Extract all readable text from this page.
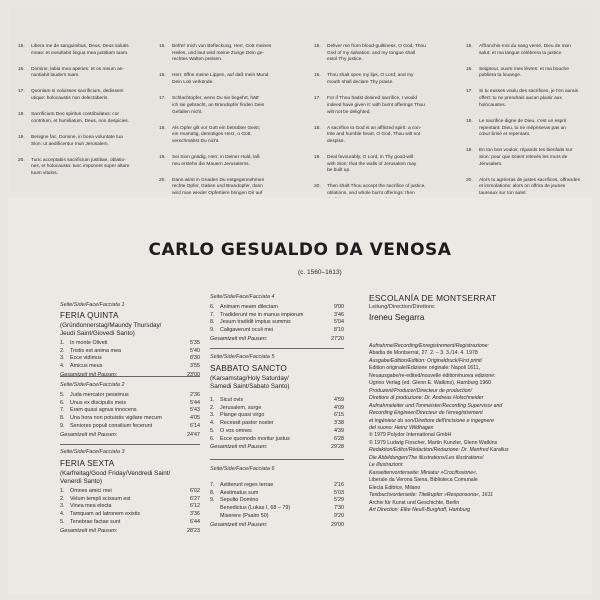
15. Libera me de sanguinibus, Deus, Deus salutis
meae: et exsultabit lingua mea justitiam tuam.
16. Domine, labia mea aperies: et os meum an-
nuntiabit laudem tuam.
17. Quoniam si voluisses sacrificium, dedissem
utique: holocaustis non delectaberis.
18. Sacrificium Deo spiritus contribulatus: cor
contritum, et humiliatum, Deus, non despicies.
19. Benigne fac, Domine, in bona voluntate tua
Sion: ut aedificentur muri Jerusalem.
20. Tunc acceptabis sacrificium justitiae, oblatio-
nes, et holocausta: tunc imponent super altare
tuum vitulos.
15. Befrei' mich von Befleckung, Herr, Gott meines
Heiles, und laut wird meine Zunge Dein ge-
rechtes Walten preisen.
16. Herr, öffne meine Lippen, auf daß mein Mund
Dein Lob verkünde.
17. Schlachtopfer, wenn Du sie begehrt, hätt'
ich sie gebracht, an Brandopfer finden Dein
Gefallen nicht.
18. Als Opfer gilt vor Gott ein betrübter Geist;
ein reumütig, demütiges Herz, o Gott,
verschmähst Du nicht.
19. Sei Sion gnädig, Herr, in Deiner Huld, laß
neu erstehn die Mauern Jerusalems.
20. Dann wirst in Gnaden Du entgegennehmen
rechte Opfer, Gaben und Brandopfer, dann
wird man wieder Opfertiere bringen Dir auf
15. Deliver me from blood-guiltiness, O God, Thou
God of my salvation: and my tongue shall
extol Thy justice.
16. Thou shalt open my lips, O Lord; and my
mouth shall declare Thy praise.
17. For if Thou hadst desired sacrifice, I would
indeed have given it: with burnt offerings Thou
wilt not be delighted.
18. A sacrifice to God is an afflicted spirit: a con-
trite and humble heart, O God, Thou wilt not
despise.
19. Deal favourably, O Lord, in Thy good-will
with Sion: that the walls of Jerusalem may
be built up.
20. Then shalt Thou accept the sacrifice of justice,
oblations, and whole burnt offerings: then
15. Affranchis-moi du sang versé, Dieu de mon
salut: et ma langue célébrera ta justice.
16. Seigneur, ouvre mes lèvres: et ma bouche
publiera ta louange.
17. Si tu eusses voulu des sacrifices, je t'en aurais
offert: tu ne prendrais aucun plaisir aux
holocaustes.
18. Le sacrifice digne de Dieu, c'est un esprit
repentant: Dieu, tu ne mépriseras pas un
cœur brisé et repentant.
19. En ton bon vouloir, répands tes bienfaits sur
Sion: pour que soient relevés les murs de
Jérusalem.
20. Alors tu agréeras de justes sacrifices, offrandes
et immolations: alors on offrira de jeunes
taureaux sur ton autel.
CARLO GESUALDO DA VENOSA
(c. 1560–1613)
Seite/Side/Face/Facciata 1
FERIA QUINTA
(Gründonnerstag/Maundy Thursday/
Jeudi Saint/Giovedì Santo)
1.	In monte Oliveti	5'35
2.	Tristis est anima mea	5'40
3.	Ecce vidimus	8'30
4.	Amicus meus	3'55
Gesamtzeit mit Pausen:	23'00
Seite/Side/Face/Facciata 2
5.	Juda mercator pessimus	2'36
6.	Unus ex discipulis meis	5'44
7.	Eram quasi agnus innocens	5'43
8.	Una hora non potuistis vigilare mecum	4'05
9.	Seniores populi consilium fecerunt	6'14
Gesamtzeit mit Pausen:	24'47
Seite/Side/Face/Facciata 3
FERIA SEXTA
(Karfreitag/Good Friday/Vendredi Saint/
Venerdì Santo)
1.	Omnes amici mei	6'02
2.	Velum templi scissum est	6'27
3.	Vinea mea electa	6'12
4.	Tamquam ad latronem existis	3'36
5.	Tenebrae factae sunt	6'44
Gesamtzeit mit Pausen:	28'23
Seite/Side/Face/Facciata 4
6.	Animam meam dilectam	9'00
7.	Tradiderunt me in manus impiorum	3'46
8.	Jesum tradidit impius summis	5'04
9.	Caligaverunt oculi mei	8'10
Gesamtzeit mit Pausen:	27'20
Seite/Side/Face/Facciata 5
SABBATO SANCTO
(Karsamstag/Holy Saturday/
Samedi Saint/Sabato Santo)
1.	Sicut ovis	4'59
2.	Jerusalem, surge	4'09
3.	Plange quasi virgo	6'15
4.	Recessit pastor noster	3'38
5.	O vos omnes	4'39
6.	Ecce quomodo moritur justus	6'28
Gesamtzeit mit Pausen:	29'28
Seite/Side/Face/Facciata 6
7.	Astiterunt reges terrae	2'16
8.	Aestimatus sum	5'03
9.	Sepulto Domino	5'29
Benedictus (Lukas I, 68 – 79)	7'30
Miserere (Psalm 50)	9'20
Gesamtzeit mit Pausen:	29'00
ESCOLANÍA DE MONTSERRAT
Leitung/Direction/Direttore:
Ireneu Segarra
Aufnahme/Recording/Enregistrement/Registrazione:
Abadia de Montserrat, 27. 2. – 3. 3./14. 4. 1978
Ausgabe/Edition/Edition: Originaldruck/First print/
Edition originale/Edizione originale: Napoli 1611,
Neuausgabe/re-edited/nouvelle édition/nuova edizione:
Ugrino Verlag (ed. Glenn E. Watkins), Hamburg 1960
Produzent/Producer/Directeur de production/
Direttore di produzione: Dr. Andreas Holschneider
Aufnahmeleiter und Tonmeister/Recording Supervisor and
Recording Engineer/Directeur de l'enregistrement
et ingénieur du son/Direttore dell'incisione e ingegnere
del suono: Heinz Wildhagen
℗ 1979 Polydor International GmbH
© 1979 Ludwig Finscher, Martin Kunzler, Glenn Watkins
Redaktion/Editor/Rédaction/Redazione: Dr. Manfred Karallus
Die Abbildungen/The illustrations/Les illustrations/
Le illustrazioni:
Kassettenvorderseite: Miniatur »Crocifissione«,
Liberale da Verona Siena, Biblioteca Comunale
Electa Editrice, Milano
Textbuchvorderseite: Titelkupfer »Responsoria«, 1611
Archiv für Kunst und Geschichte, Berlin
Art Direction: Elke Neuß-Burghoff, Hamburg
